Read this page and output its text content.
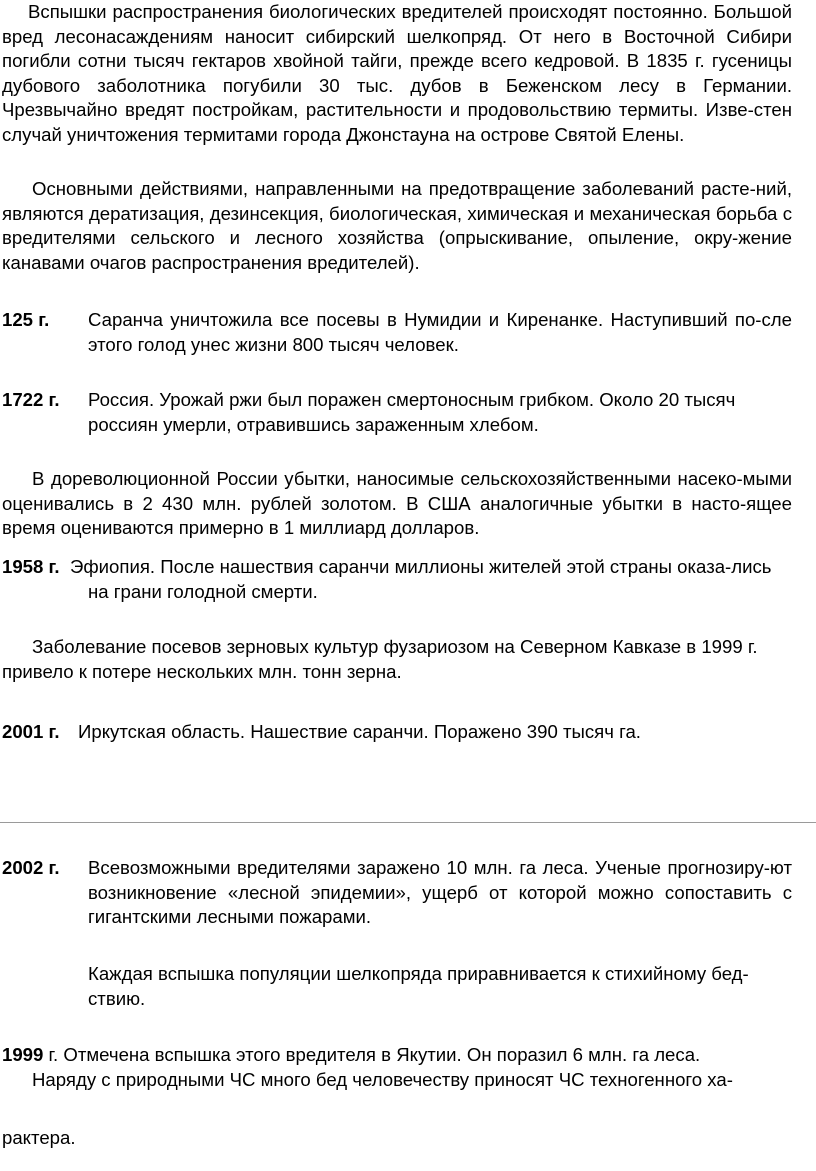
Вспышки распространения биологических вредителей происходят постоянно. Большой вред лесонасаждениям наносит сибирский шелкопряд. От него в Восточной Сибири погибли сотни тысяч гектаров хвойной тайги, прежде всего кедровой. В 1835 г. гусеницы дубового заболотника погубили 30 тыс. дубов в Беженском лесу в Германии. Чрезвычайно вредят постройкам, растительности и продовольствию термиты. Изве-стен случай уничтожения термитами города Джонстауна на острове Святой Елены.

Основными действиями, направленными на предотвращение заболеваний расте-ний, являются дератизация, дезинсекция, биологическая, химическая и механическая борьба с вредителями сельского и лесного хозяйства (опрыскивание, опыление, окру-жение канавами очагов распространения вредителей).

125 г. Саранча уничтожила все посевы в Нумидии и Киренанке. Наступивший по-сле этого голод унес жизни 800 тысяч человек.
1722 г. Россия. Урожай ржи был поражен смертоносным грибком. Около 20 тысяч россиян умерли, отравившись зараженным хлебом.

В дореволюционной России убытки, наносимые сельскохозяйственными насеко-мыми оценивались в 2 430 млн. рублей золотом. В США аналогичные убытки в насто-ящее время оцениваются примерно в 1 миллиард долларов.

1958 г. Эфиопия. После нашествия саранчи миллионы жителей этой страны оказа-лись на грани голодной смерти.

Заболевание посевов зерновых культур фузариозом на Северном Кавказе в 1999 г. привело к потере нескольких млн. тонн зерна.

2001 г. Иркутская область. Нашествие саранчи. Поражено 390 тысяч га.
2002 г. Всевозможными вредителями заражено 10 млн. га леса. Ученые прогнозиру-ют возникновение «лесной эпидемии», ущерб от которой можно сопоставить с гигантскими лесными пожарами.

Каждая вспышка популяции шелкопряда приравнивается к стихийному бед-ствию.

1999 г. Отмечена вспышка этого вредителя в Якутии. Он поразил 6 млн. га леса.

Наряду с природными ЧС много бед человечеству приносят ЧС техногенного ха-

рактера.
